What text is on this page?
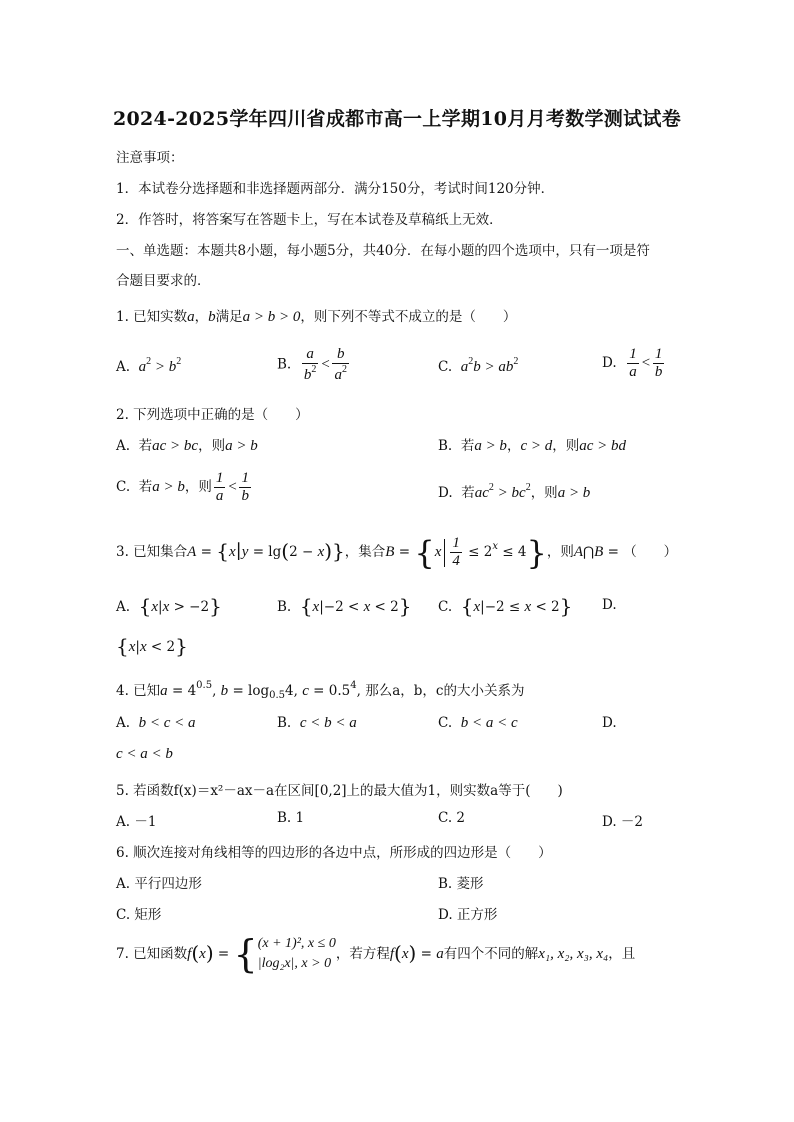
2024-2025学年四川省成都市高一上学期10月月考数学测试试卷
注意事项：
1．本试卷分选择题和非选择题两部分．满分150分，考试时间120分钟．
2．作答时，将答案写在答题卡上，写在本试卷及草稿纸上无效．
一、单选题：本题共8小题，每小题5分，共40分．在每小题的四个选项中，只有一项是符
合题目要求的．
1. 已知实数a，b满足a > b > 0，则下列不等式不成立的是（　　）
A. $a^2 > b^2$	B. $\frac{a}{b^2} < \frac{b}{a^2}$	C. $a^2b > ab^2$	D. $\frac{1}{a} < \frac{1}{b}$
2. 下列选项中正确的是（　　）
A. 若ac > bc，则a > b	B. 若a > b，c > d，则ac > bd
C. 若a > b，则 $\frac{1}{a} < \frac{1}{b}$	D. 若$ac^2 > bc^2$，则a > b
3. 已知集合A = {x|y = lg(2 − x)}，集合$B = \{x \frac{1}{4} \le 2^x \le 4\}$，则A⋂B = （　　）
A. {x|x > −2}	B. {x|−2 < x < 2} C. {x|−2 ≤ x < 2} D.
{x|x < 2}
4. 已知$a = 4^{0.5}$, $b = \log_{0.5}4$, $c = 0.5^4$, 那么a，b，c的大小关系为
A. b < c < a	B. c < b < a	C. b < a < c	D.
c < a < b
5. 若函数f(x)＝x²－ax－a在区间[0,2]上的最大值为1，则实数a等于(　　)
A. －1	B. 1	C. 2	D. －2
6. 顺次连接对角线相等的四边形的各边中点，所形成的四边形是（　　）
A. 平行四边形	B. 菱形
C. 矩形	D. 正方形
7. 已知函数f(x) = { (x + 1)², x ≤ 0
|log₂x|, x > 0
，若方程f(x) = a有四个不同的解x₁, x₂, x₃, x₄，且
